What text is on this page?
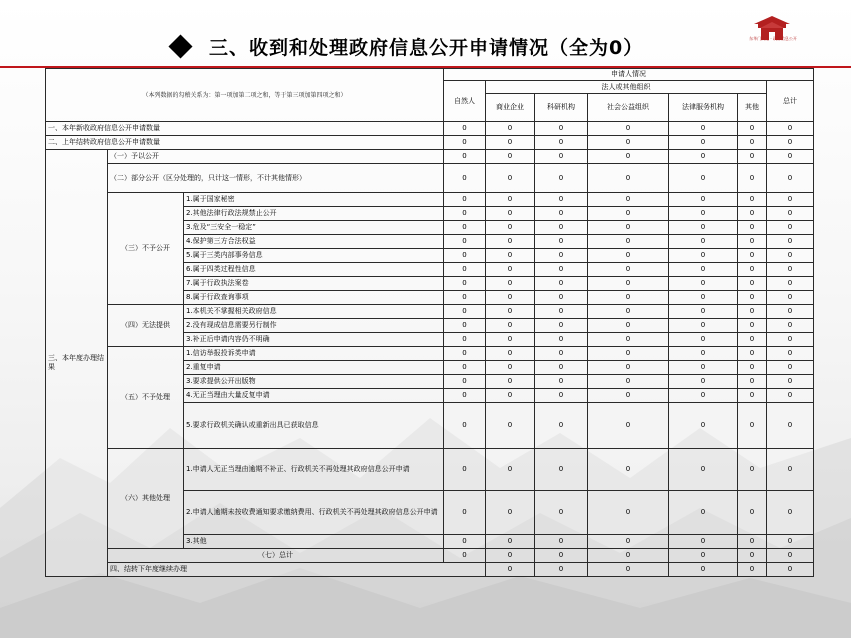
三、收到和处理政府信息公开申请情况（全为0）	东华门街道 · 政府信息公开
（本列数据的勾稽关系为：第一项加第二项之和，等于第三项加第四项之和）			申请人情况							
			自然人	法人或其他组织					总计	
				商业企业	科研机构	社会公益组织	法律服务机构	其他		
一、本年新收政府信息公开申请数量			0	0	0	0	0	0	0	
二、上年结转政府信息公开申请数量			0	0	0	0	0	0	0	
三、本年度办理结果	（一）予以公开		0	0	0	0	0	0	0	
	（二）部分公开（区分处理的，只计这一情形，不计其他情形）		0	0	0	0	0	0	0	
	（三）不予公开	1.属于国家秘密	0	0	0	0	0	0	0	
		2.其他法律行政法规禁止公开	0	0	0	0	0	0	0	
		3.危及“三安全一稳定”	0	0	0	0	0	0	0	
		4.保护第三方合法权益	0	0	0	0	0	0	0	
		5.属于三类内部事务信息	0	0	0	0	0	0	0	
		6.属于四类过程性信息	0	0	0	0	0	0	0	
		7.属于行政执法案卷	0	0	0	0	0	0	0	
		8.属于行政查询事项	0	0	0	0	0	0	0	
	（四）无法提供	1.本机关不掌握相关政府信息	0	0	0	0	0	0	0	
		2.没有现成信息需要另行制作	0	0	0	0	0	0	0	
		3.补正后申请内容仍不明确	0	0	0	0	0	0	0	
	（五）不予处理	1.信访举报投诉类申请	0	0	0	0	0	0	0	
		2.重复申请	0	0	0	0	0	0	0	
		3.要求提供公开出版物	0	0	0	0	0	0	0	
		4.无正当理由大量反复申请	0	0	0	0	0	0	0	
		5.要求行政机关确认或重新出具已获取信息	0	0	0	0	0	0	0	
	（六）其他处理	1.申请人无正当理由逾期不补正、行政机关不再处理其政府信息公开申请	0	0	0	0	0	0	0	
		2.申请人逾期未按收费通知要求缴纳费用、行政机关不再处理其政府信息公开申请	0	0	0	0	0	0	0	
		3.其他	0	0	0	0	0	0	0	
	（七）总计		0	0	0	0	0	0	0	
	四、结转下年度继续办理			0	0	0	0	0	0	
